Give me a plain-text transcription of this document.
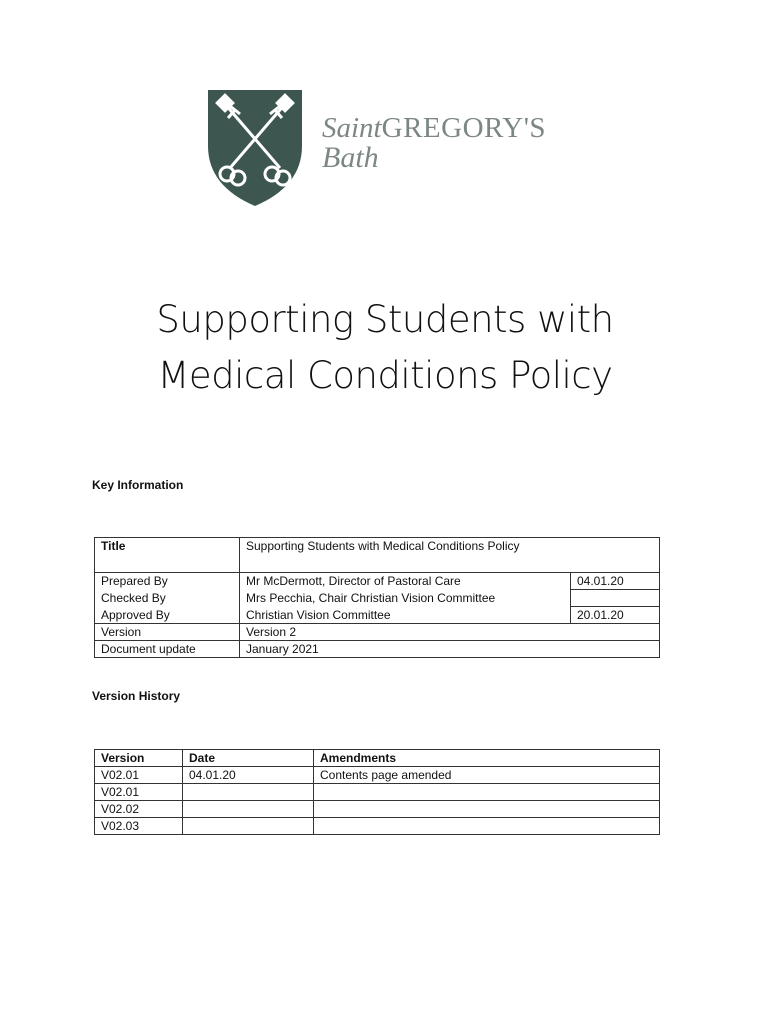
SaintGREGORY'S
Bath
Supporting Students with
Medical Conditions Policy
Key Information
Title	Supporting Students with Medical Conditions Policy	
Prepared By	Mr McDermott, Director of Pastoral Care	04.01.20
Checked By	Mrs Pecchia, Chair Christian Vision Committee	
Approved By	Christian Vision Committee	20.01.20
Version	Version 2	
Document update	January 2021	
Version History
Version	Date	Amendments
V02.01	04.01.20	Contents page amended
V02.01		
V02.02		
V02.03		
